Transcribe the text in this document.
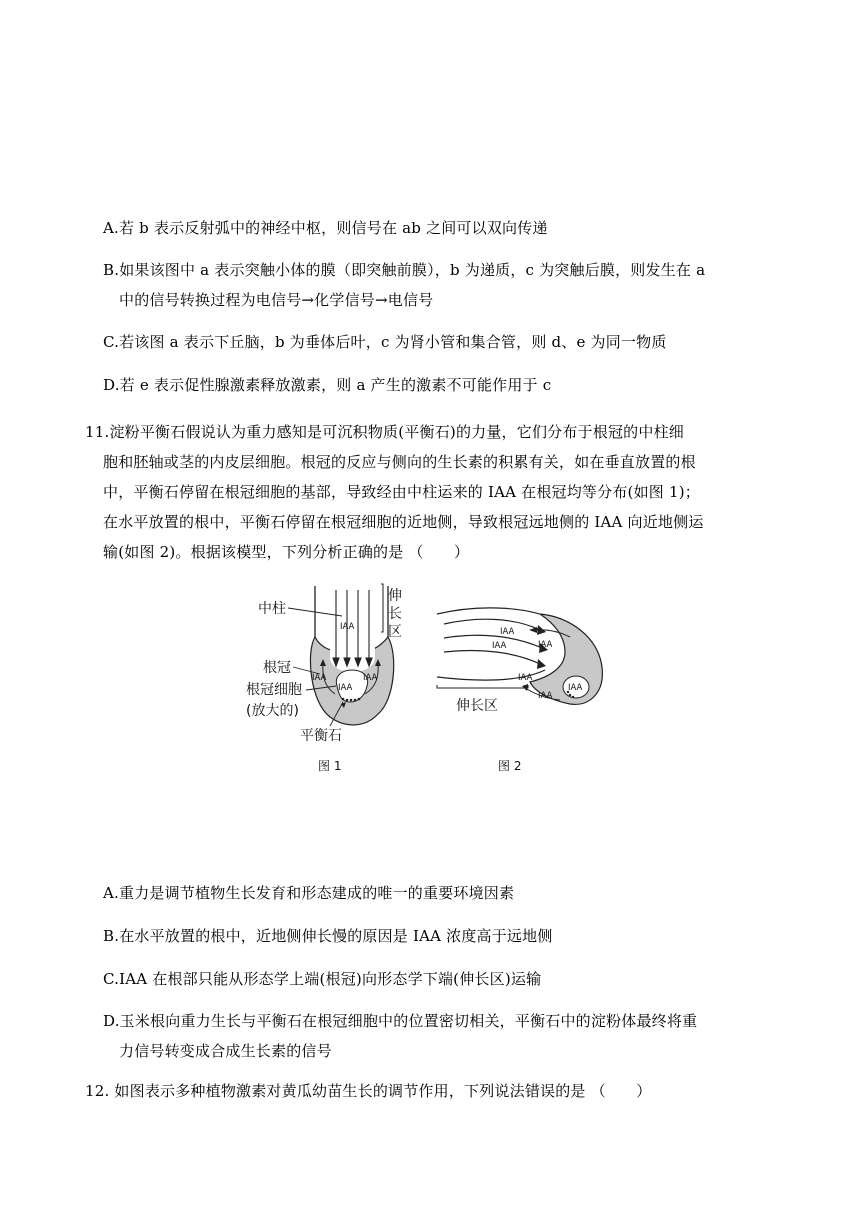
A.若 b 表示反射弧中的神经中枢，则信号在 ab 之间可以双向传递
B.如果该图中 a 表示突触小体的膜（即突触前膜），b 为递质，c 为突触后膜，则发生在 a
中的信号转换过程为电信号→化学信号→电信号
C.若该图 a 表示下丘脑，b 为垂体后叶，c 为肾小管和集合管，则 d、e 为同一物质
D.若 e 表示促性腺激素释放激素，则 a 产生的激素不可能作用于 c
11.淀粉平衡石假说认为重力感知是可沉积物质(平衡石)的力量，它们分布于根冠的中柱细
胞和胚轴或茎的内皮层细胞。根冠的反应与侧向的生长素的积累有关，如在垂直放置的根
中，平衡石停留在根冠细胞的基部，导致经由中柱运来的 IAA 在根冠均等分布(如图 1)；
在水平放置的根中，平衡石停留在根冠细胞的近地侧，导致根冠远地侧的 IAA 向近地侧运
输(如图 2)。根据该模型，下列分析正确的是 （　　）
IAA
IAA	IAA
IAA
伸
长
区
中柱
根冠
根冠细胞
(放大的)
平衡石
图 1
IAA
IAA
IAA
IAA
IAA
IAA
伸长区
图 2
A.重力是调节植物生长发育和形态建成的唯一的重要环境因素
B.在水平放置的根中，近地侧伸长慢的原因是 IAA 浓度高于远地侧
C.IAA 在根部只能从形态学上端(根冠)向形态学下端(伸长区)运输
D.玉米根向重力生长与平衡石在根冠细胞中的位置密切相关，平衡石中的淀粉体最终将重
力信号转变成合成生长素的信号
12. 如图表示多种植物激素对黄瓜幼苗生长的调节作用，下列说法错误的是 （　　）
